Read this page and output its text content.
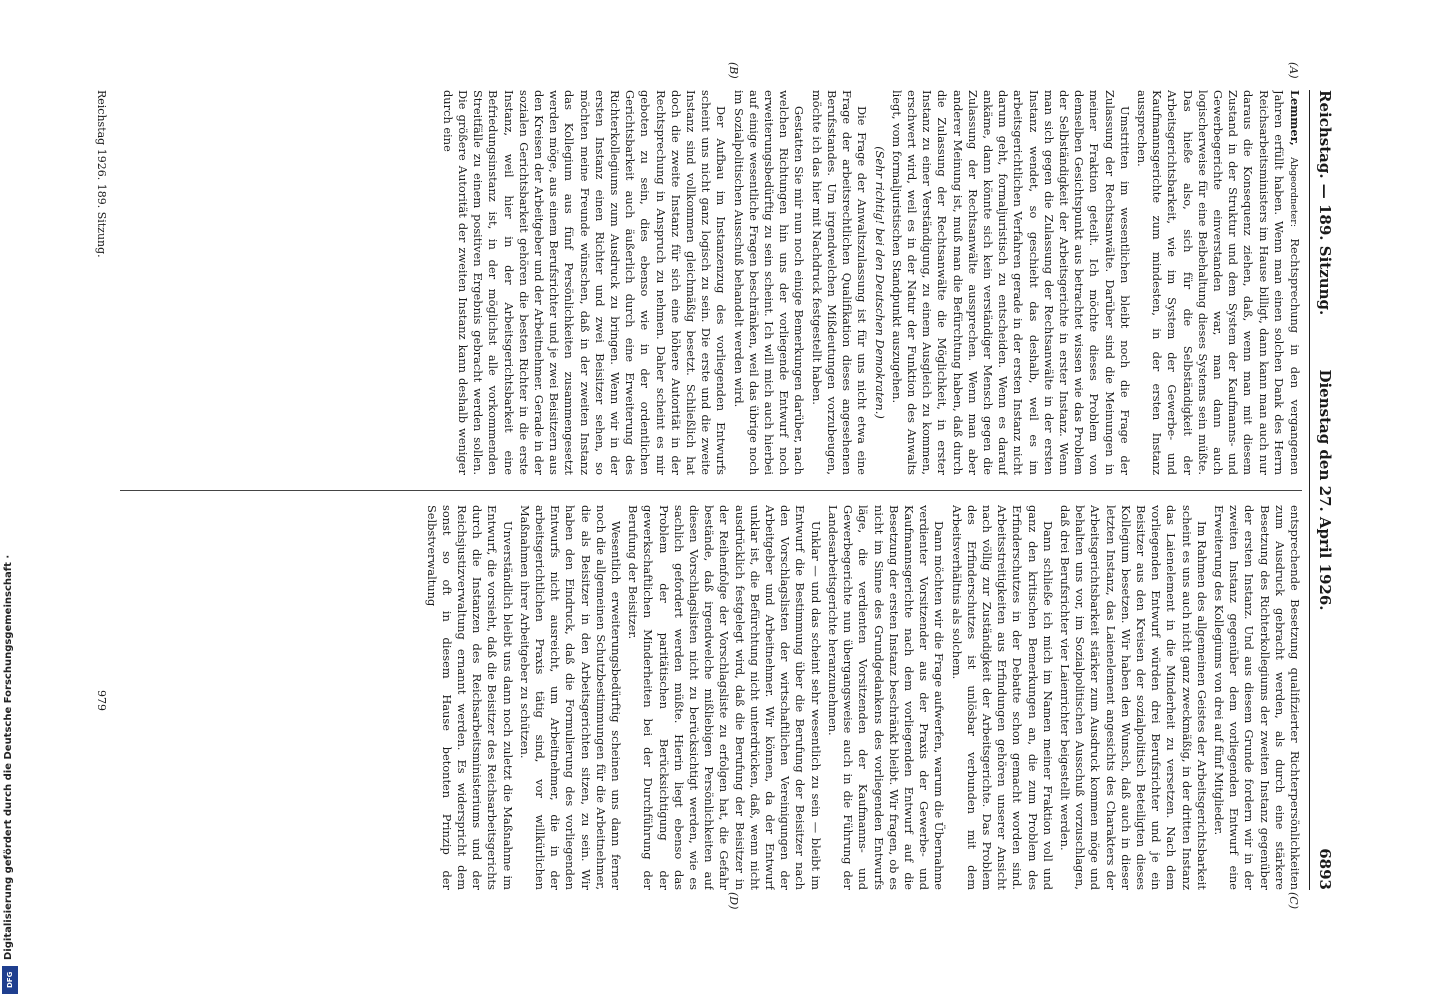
Reichstag. — 189. Sitzung.
Dienstag den 27. April 1926.
6893
(A)
(B)
(C)
(D)

Lemmer, Abgeordneter: Rechtsprechung in den vergangenen Jahren erfüllt haben. Wenn man einen solchen Dank des Herrn Reichsarbeitsministers im Hause billigt, dann kann man auch nur daraus die Konsequenz ziehen, daß, wenn man mit diesem Zustand in der Struktur und dem System der Kaufmanns- und Gewerbegerichte einverstanden war, man dann auch logischerweise für eine Beibehaltung dieses Systems sein müßte. Das hieße also, sich für die Selbständigkeit der Arbeitsgerichtsbarkeit, wie im System der Gewerbe- und Kaufmannsgerichte zum mindesten, in der ersten Instanz aussprechen.

Umstritten im wesentlichen bleibt noch die Frage der Zulassung der Rechtsanwälte. Darüber sind die Meinungen in meiner Fraktion geteilt. Ich möchte dieses Problem von demselben Gesichtspunkt aus betrachtet wissen wie das Problem der Selbständigkeit der Arbeitsgerichte in erster Instanz. Wenn man sich gegen die Zulassung der Rechtsanwälte in der ersten Instanz wendet, so geschieht das deshalb, weil es im arbeitsgerichtlichen Verfahren gerade in der ersten Instanz nicht darum geht, formaljuristisch zu entscheiden. Wenn es darauf ankäme, dann könnte sich kein verständiger Mensch gegen die Zulassung der Rechtsanwälte aussprechen. Wenn man aber anderer Meinung ist, muß man die Befürchtung haben, daß durch die Zulassung der Rechtsanwälte die Möglichkeit, in erster Instanz zu einer Verständigung, zu einem Ausgleich zu kommen, erschwert wird, weil es in der Natur der Funktion des Anwalts liegt, vom formaljuristischen Standpunkt auszugehen.

(Sehr richtig! bei den Deutschen Demokraten.)

Die Frage der Anwaltszulassung ist für uns nicht etwa eine Frage der arbeitsrechtlichen Qualifikation dieses angesehenen Berufsstandes. Um irgendwelchen Mißdeutungen vorzubeugen, möchte ich das hier mit Nachdruck festgestellt haben.

Gestatten Sie mir nun noch einige Bemerkungen darüber, nach welchen Richtungen hin uns der vorliegende Entwurf noch erweiterungsbedürftig zu sein scheint. Ich will mich auch hierbei auf einige wesentliche Fragen beschränken, weil das übrige noch im Sozialpolitischen Ausschuß behandelt werden wird.

Der Aufbau im Instanzenzug des vorliegenden Entwurfs scheint uns nicht ganz logisch zu sein. Die erste und die zweite Instanz sind vollkommen gleichmäßig besetzt. Schließlich hat doch die zweite Instanz für sich eine höhere Autorität in der Rechtsprechung in Anspruch zu nehmen. Daher scheint es mir geboten zu sein, dies ebenso wie in der ordentlichen Gerichtsbarkeit auch äußerlich durch eine Erweiterung des Richterkollegiums zum Ausdruck zu bringen. Wenn wir in der ersten Instanz einen Richter und zwei Beisitzer sehen, so möchten meine Freunde wünschen, daß in der zweiten Instanz das Kollegium aus fünf Persönlichkeiten zusammengesetzt werden möge, aus einem Berufsrichter und je zwei Beisitzern aus den Kreisen der Arbeitgeber und der Arbeitnehmer. Gerade in der sozialen Gerichtsbarkeit gehören die besten Richter in die erste Instanz, weil hier in der Arbeitsgerichtsbarkeit eine Befriedungsinstanz ist, in der möglichst alle vorkommenden Streitfälle zu einem positiven Ergebnis gebracht werden sollen. Die größere Autorität der zweiten Instanz kann deshalb weniger durch eine

entsprechende Besetzung qualifizierter Richterpersönlichkeiten zum Ausdruck gebracht werden, als durch eine stärkere Besetzung des Richterkollegiums der zweiten Instanz gegenüber der ersten Instanz. Und aus diesem Grunde fordern wir in der zweiten Instanz gegenüber dem vorliegenden Entwurf eine Erweiterung des Kollegiums von drei auf fünf Mitglieder.

Im Rahmen des allgemeinen Geistes der Arbeitsgerichtsbarkeit scheint es uns auch nicht ganz zweckmäßig, in der dritten Instanz das Laienelement in die Minderheit zu versetzen. Nach dem vorliegenden Entwurf würden drei Berufsrichter und je ein Beisitzer aus den Kreisen der sozialpolitisch Beteiligten dieses Kollegium besetzen. Wir haben den Wunsch, daß auch in dieser letzten Instanz, das Laienelement angesichts des Charakters der Arbeitsgerichtsbarkeit stärker zum Ausdruck kommen möge und behalten uns vor, im Sozialpolitischen Ausschuß vorzuschlagen, daß drei Berufsrichter vier Laienrichter beigestellt werden.

Dann schließe ich mich im Namen meiner Fraktion voll und ganz den kritischen Bemerkungen an, die zum Problem des Erfinderschutzes in der Debatte schon gemacht worden sind. Arbeitsstreitigkeiten aus Erfindungen gehören unserer Ansicht nach völlig zur Zuständigkeit der Arbeitsgerichte. Das Problem des Erfinderschutzes ist unlösbar verbunden mit dem Arbeitsverhältnis als solchem.

Dann möchten wir die Frage aufwerfen, warum die Übernahme verdienter Vorsitzender aus der Praxis der Gewerbe- und Kaufmannsgerichte nach dem vorliegenden Entwurf auf die Besetzung der ersten Instanz beschränkt bleibt. Wir fragen, ob es nicht im Sinne des Grundgedankens des vorliegenden Entwurfs läge, die verdienten Vorsitzenden der Kaufmanns- und Gewerbegerichte nun übergangsweise auch in die Führung der Landesarbeitsgerichte heranzunehmen.

Unklar — und das scheint sehr wesentlich zu sein — bleibt im Entwurf die Bestimmung über die Berufung der Beisitzer nach den Vorschlagslisten der wirtschaftlichen Vereinigungen der Arbeitgeber und Arbeitnehmer. Wir können, da der Entwurf unklar ist, die Befürchtung nicht unterdrücken, daß, wenn nicht ausdrücklich festgelegt wird, daß die Berufung der Beisitzer in der Reihenfolge der Vorschlagsliste zu erfolgen hat, die Gefahr bestände, daß irgendwelche mißliebigen Persönlichkeiten auf diesen Vorschlagslisten nicht zu berücksichtigt werden, wie es sachlich gefordert werden müßte. Hierin liegt ebenso das Problem der paritätischen Berücksichtigung der gewerkschaftlichen Minderheiten bei der Durchführung der Berufung der Beisitzer.

Wesentlich erweiterungsbedürftig scheinen uns dann ferner noch die allgemeinen Schutzbestimmungen für die Arbeitnehmer, die als Beisitzer in den Arbeitsgerichten sitzen, zu sein. Wir haben den Eindruck, daß die Formulierung des vorliegenden Entwurfs nicht ausreicht, um Arbeitnehmer, die in der arbeitsgerichtlichen Praxis tätig sind, vor willkürlichen Maßnahmen ihrer Arbeitgeber zu schützen.

Unverständlich bleibt uns dann noch zuletzt die Maßnahme im Entwurf, die vorsieht, daß die Beisitzer des Reichsarbeitsgerichts durch die Instanzen des Reichsarbeitsministeriums und der Reichsjustizverwaltung ernannt werden. Es widerspricht dem sonst so oft in diesem Hause betonten Prinzip der Selbstverwaltung

Reichstag 1926. 189. Sitzung.
979
Digitalisierung gefördert durch die Deutsche Forschungsgemeinschaft ·
DFG
